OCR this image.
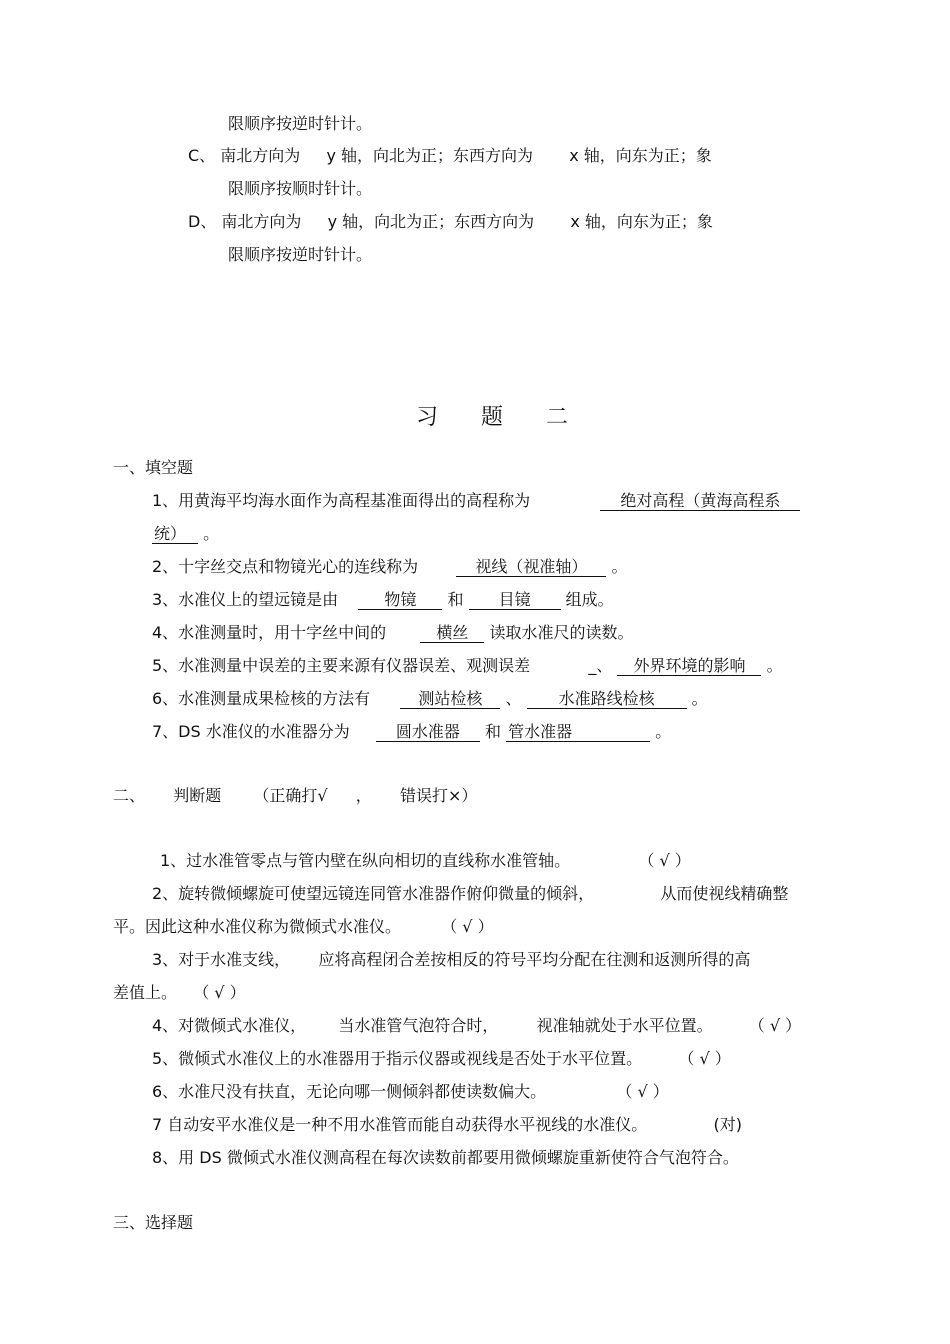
限顺序按逆时针计。
C、 南北方向为 y 轴，向北为正；东西方向为 x 轴，向东为正；象
限顺序按顺时针计。
D、 南北方向为 y 轴，向北为正；东西方向为 x 轴，向东为正；象
限顺序按逆时针计。
习 题 二
一、填空题
1、用黄海平均海水面作为高程基准面得出的高程称为	绝对高程（黄海高程系
统） 。
2、十字丝交点和物镜光心的连线称为	视线（视准轴） 。
3、水准仪上的望远镜是由	物镜 和 目镜 组成。
4、水准测量时，用十字丝中间的	横丝 读取水准尺的读数。
5、水准测量中误差的主要来源有仪器误差、观测误差	_、 外界环境的影响 。
6、水准测量成果检核的方法有	测站检核 、 水准路线检核 。
7、DS 水准仪的水准器分为	圆水准器 和 管水准器	。
二、 判断题 （正确打√ ， 错误打×）
1、过水准管零点与管内壁在纵向相切的直线称水准管轴。	（ √ ）
2、旋转微倾螺旋可使望远镜连同管水准器作俯仰微量的倾斜，	从而使视线精确整
平。因此这种水准仪称为微倾式水准仪。	（ √ ）
3、对于水准支线， 应将高程闭合差按相反的符号平均分配在往测和返测所得的高
差值上。 （ √ ）
4、对微倾式水准仪， 当水准管气泡符合时， 视准轴就处于水平位置。 （ √ ）
5、微倾式水准仪上的水准器用于指示仪器或视线是否处于水平位置。 （ √ ）
6、水准尺没有扶直，无论向哪一侧倾斜都使读数偏大。	（ √ ）
7 自动安平水准仪是一种不用水准管而能自动获得水平视线的水准仪。	(对)
8、用 DS 微倾式水准仪测高程在每次读数前都要用微倾螺旋重新使符合气泡符合。
三、选择题
